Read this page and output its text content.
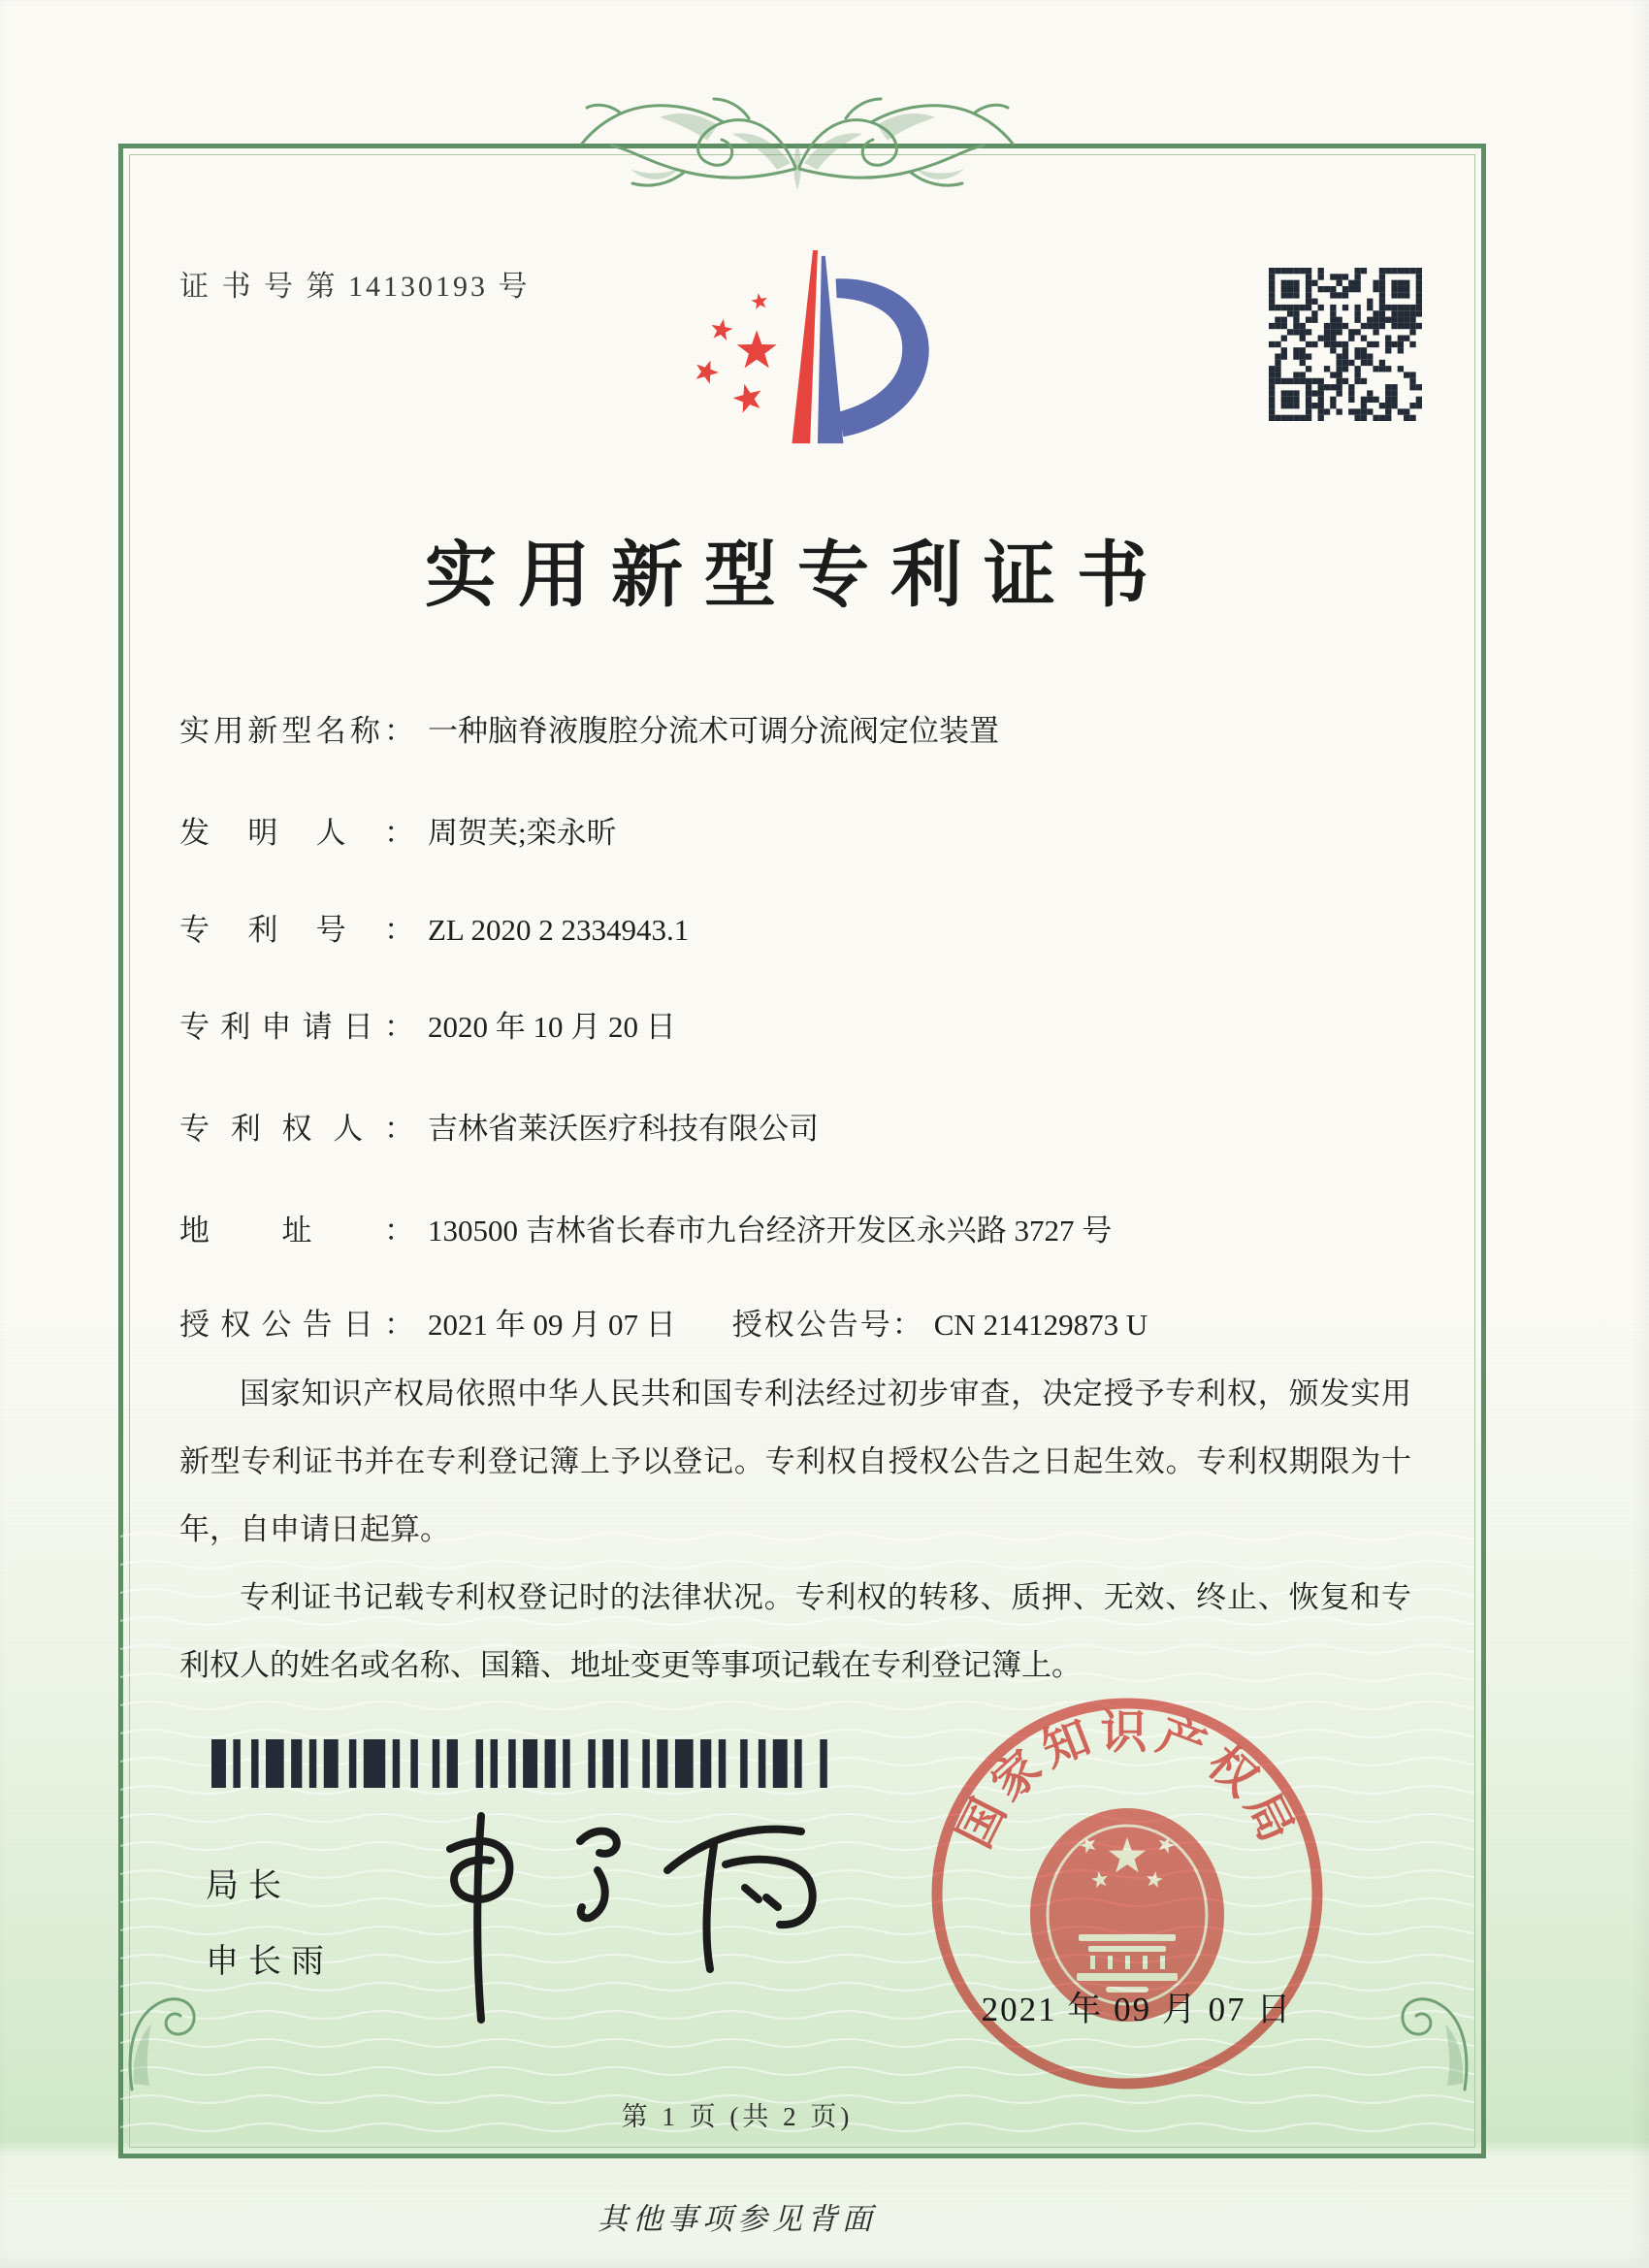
证 书 号 第 14130193 号
实用新型专利证书
实用新型名称： 一种脑脊液腹腔分流术可调分流阀定位装置
发明人： 周贺芙;栾永昕
专利号： ZL 2020 2 2334943.1
专利申请日： 2020 年 10 月 20 日
专利权人： 吉林省莱沃医疗科技有限公司
地址： 130500 吉林省长春市九台经济开发区永兴路 3727 号
授权公告日： 2021 年 09 月 07 日 授权公告号： CN 214129873 U

国家知识产权局依照中华人民共和国专利法经过初步审查，决定授予专利权，颁发实用新型专利证书并在专利登记簿上予以登记。专利权自授权公告之日起生效。专利权期限为十年，自申请日起算。

专利证书记载专利权登记时的法律状况。专利权的转移、质押、无效、终止、恢复和专利权人的姓名或名称、国籍、地址变更等事项记载在专利登记簿上。

局长
申长雨
国家知识产权局
2021 年 09 月 07 日
第 1 页 (共 2 页)
其他事项参见背面
